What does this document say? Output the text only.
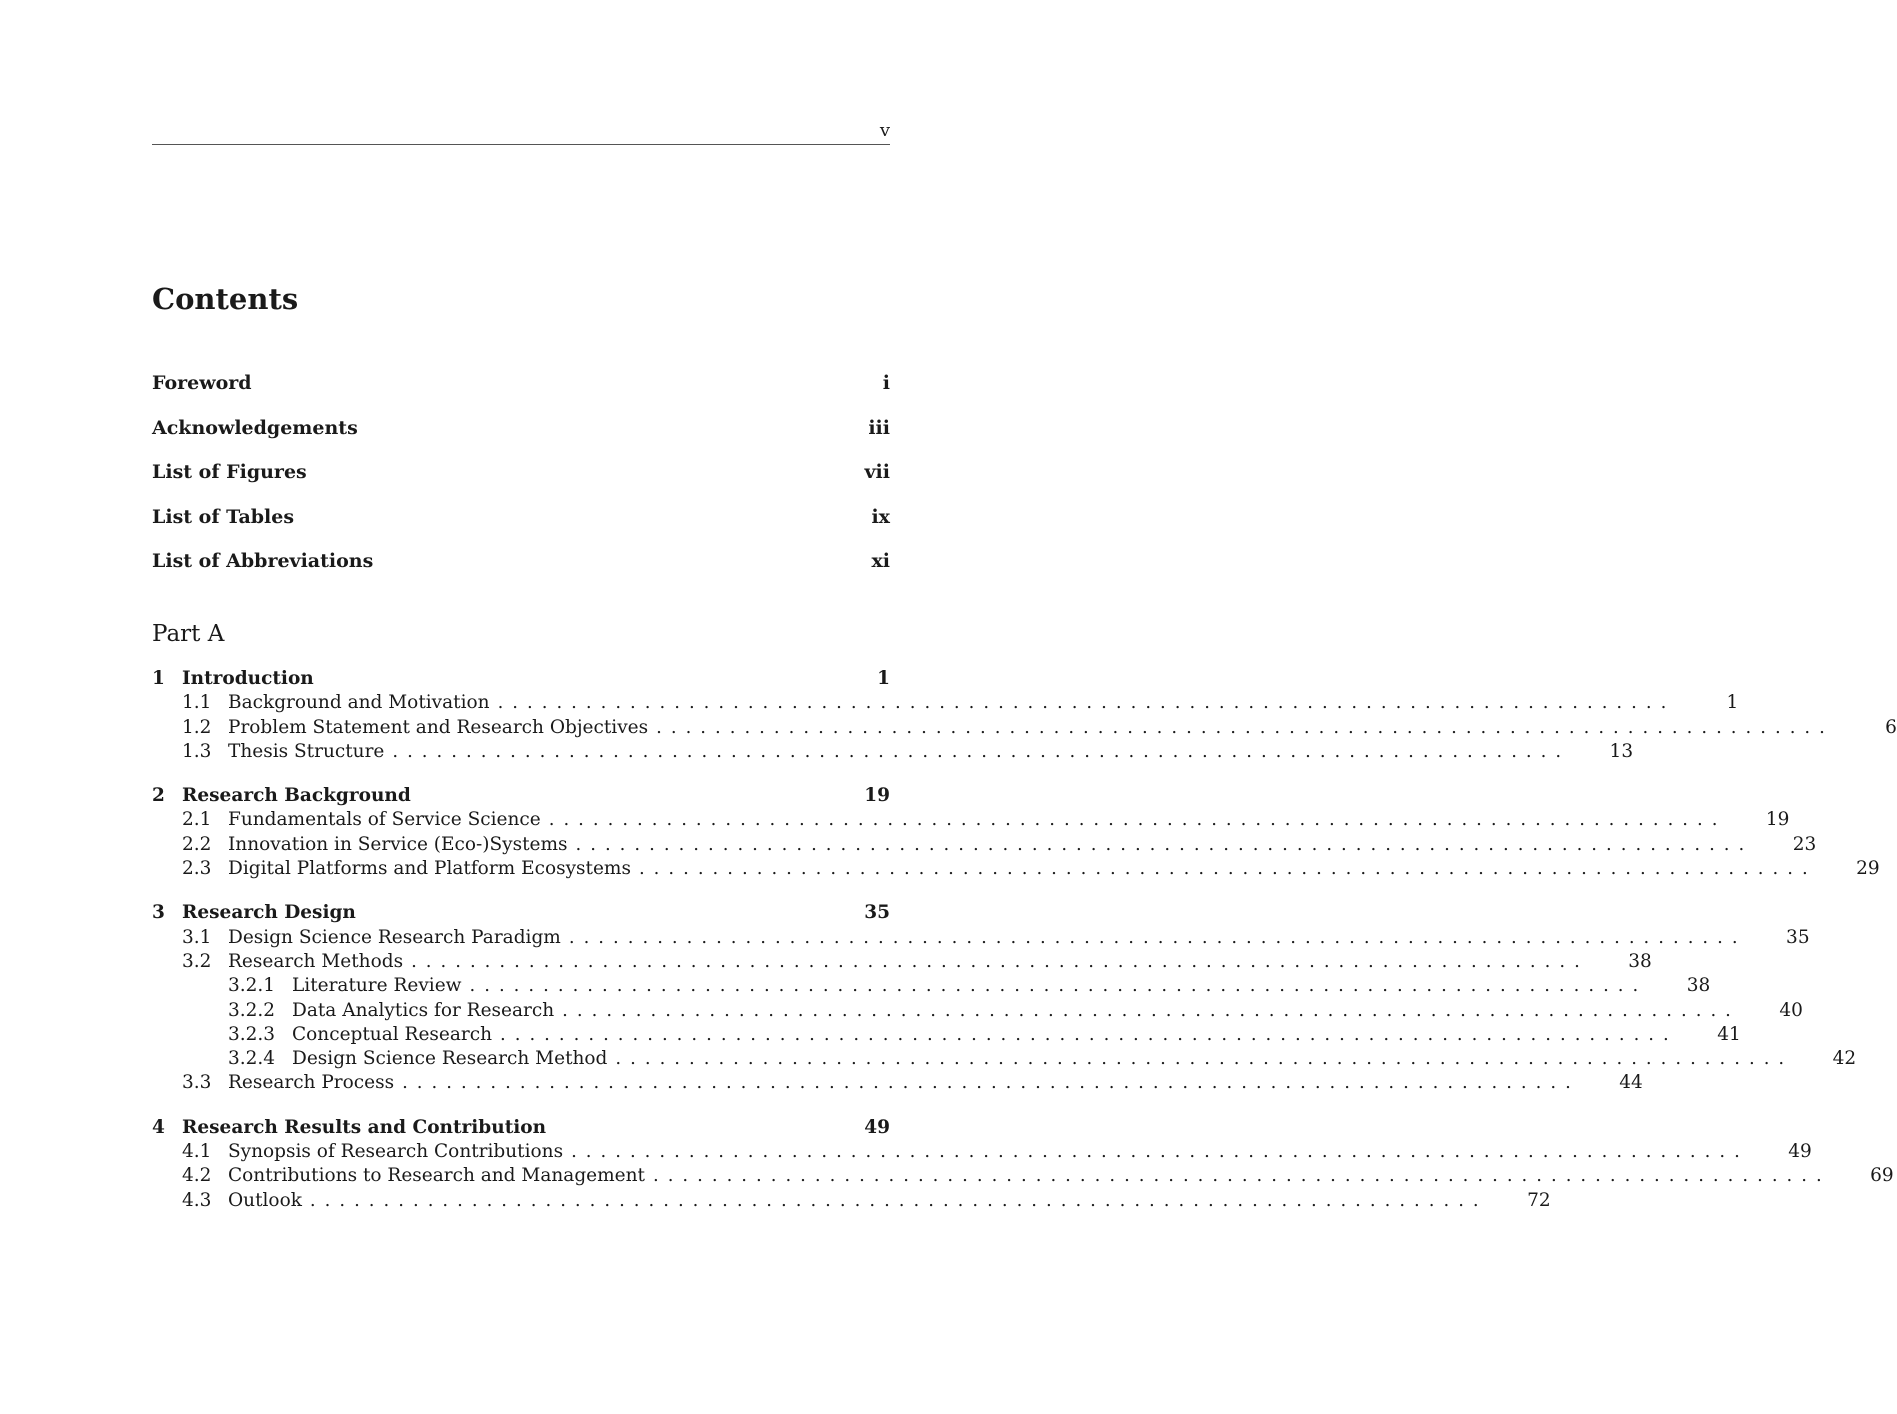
v
Contents
Foreword	i
Acknowledgements	iii
List of Figures	vii
List of Tables	ix
List of Abbreviations	xi
Part A
1 Introduction	1
1.1 Background and Motivation . . . . . . . . . . . . . . . . . . . . . . . . . . . . . . . . . . . . . . . . . . . . . . . . . . . . . . . . . . . . . . . . . . . . . . . . . . . . . . . .	1
1.2 Problem Statement and Research Objectives . . . . . . . . . . . . . . . . . . . . . . . . . . . . . . . . . . . . . . . . . . . . . . . . . . . . . . . . . . . . . . . . . . . . . . . . . . . . . . . .	6
1.3 Thesis Structure . . . . . . . . . . . . . . . . . . . . . . . . . . . . . . . . . . . . . . . . . . . . . . . . . . . . . . . . . . . . . . . . . . . . . . . . . . . . . . . .	13
2 Research Background	19
2.1 Fundamentals of Service Science . . . . . . . . . . . . . . . . . . . . . . . . . . . . . . . . . . . . . . . . . . . . . . . . . . . . . . . . . . . . . . . . . . . . . . . . . . . . . . . .	19
2.2 Innovation in Service (Eco-)Systems . . . . . . . . . . . . . . . . . . . . . . . . . . . . . . . . . . . . . . . . . . . . . . . . . . . . . . . . . . . . . . . . . . . . . . . . . . . . . . . .	23
2.3 Digital Platforms and Platform Ecosystems . . . . . . . . . . . . . . . . . . . . . . . . . . . . . . . . . . . . . . . . . . . . . . . . . . . . . . . . . . . . . . . . . . . . . . . . . . . . . . . .	29
3 Research Design	35
3.1 Design Science Research Paradigm . . . . . . . . . . . . . . . . . . . . . . . . . . . . . . . . . . . . . . . . . . . . . . . . . . . . . . . . . . . . . . . . . . . . . . . . . . . . . . . .	35
3.2 Research Methods . . . . . . . . . . . . . . . . . . . . . . . . . . . . . . . . . . . . . . . . . . . . . . . . . . . . . . . . . . . . . . . . . . . . . . . . . . . . . . . .	38
3.2.1 Literature Review . . . . . . . . . . . . . . . . . . . . . . . . . . . . . . . . . . . . . . . . . . . . . . . . . . . . . . . . . . . . . . . . . . . . . . . . . . . . . . . .	38
3.2.2 Data Analytics for Research . . . . . . . . . . . . . . . . . . . . . . . . . . . . . . . . . . . . . . . . . . . . . . . . . . . . . . . . . . . . . . . . . . . . . . . . . . . . . . . .	40
3.2.3 Conceptual Research . . . . . . . . . . . . . . . . . . . . . . . . . . . . . . . . . . . . . . . . . . . . . . . . . . . . . . . . . . . . . . . . . . . . . . . . . . . . . . . .	41
3.2.4 Design Science Research Method . . . . . . . . . . . . . . . . . . . . . . . . . . . . . . . . . . . . . . . . . . . . . . . . . . . . . . . . . . . . . . . . . . . . . . . . . . . . . . . .	42
3.3 Research Process . . . . . . . . . . . . . . . . . . . . . . . . . . . . . . . . . . . . . . . . . . . . . . . . . . . . . . . . . . . . . . . . . . . . . . . . . . . . . . . .	44
4 Research Results and Contribution	49
4.1 Synopsis of Research Contributions . . . . . . . . . . . . . . . . . . . . . . . . . . . . . . . . . . . . . . . . . . . . . . . . . . . . . . . . . . . . . . . . . . . . . . . . . . . . . . . .	49
4.2 Contributions to Research and Management . . . . . . . . . . . . . . . . . . . . . . . . . . . . . . . . . . . . . . . . . . . . . . . . . . . . . . . . . . . . . . . . . . . . . . . . . . . . . . . .	69
4.3 Outlook . . . . . . . . . . . . . . . . . . . . . . . . . . . . . . . . . . . . . . . . . . . . . . . . . . . . . . . . . . . . . . . . . . . . . . . . . . . . . . . .	72
